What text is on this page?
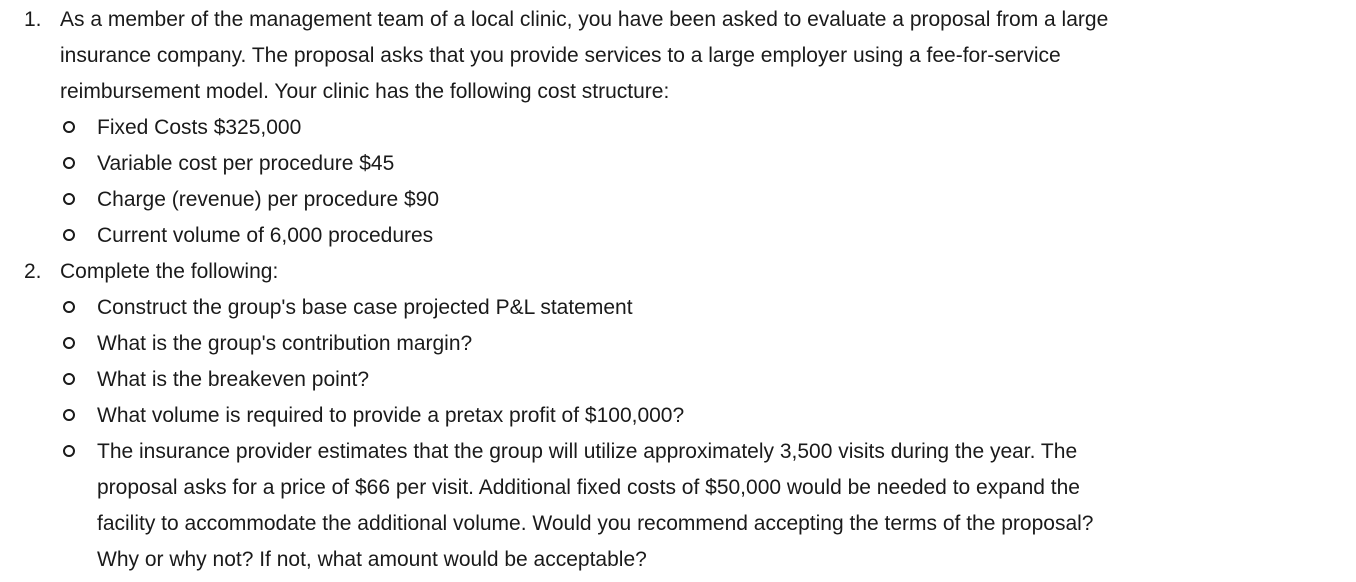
1. As a member of the management team of a local clinic, you have been asked to evaluate a proposal from a large
insurance company. The proposal asks that you provide services to a large employer using a fee-for-service
reimbursement model. Your clinic has the following cost structure:
Fixed Costs $325,000
Variable cost per procedure $45
Charge (revenue) per procedure $90
Current volume of 6,000 procedures
2. Complete the following:
Construct the group's base case projected P&L statement
What is the group's contribution margin?
What is the breakeven point?
What volume is required to provide a pretax profit of $100,000?
The insurance provider estimates that the group will utilize approximately 3,500 visits during the year. The
proposal asks for a price of $66 per visit. Additional fixed costs of $50,000 would be needed to expand the
facility to accommodate the additional volume. Would you recommend accepting the terms of the proposal?
Why or why not? If not, what amount would be acceptable?
